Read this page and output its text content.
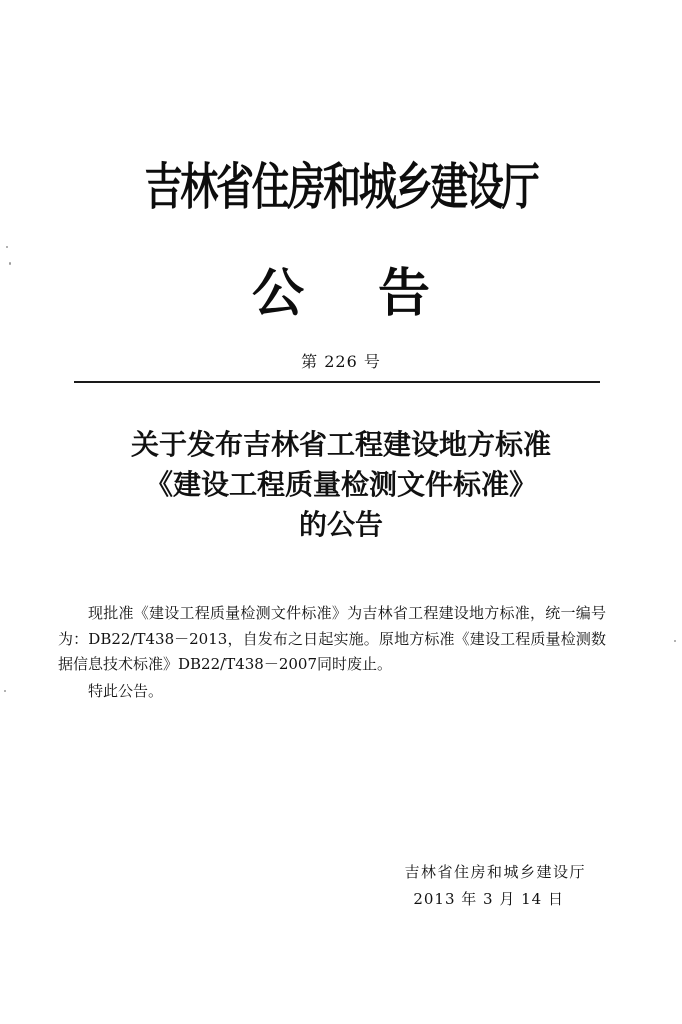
吉林省住房和城乡建设厅
公 告
第 226 号
关于发布吉林省工程建设地方标准
《建设工程质量检测文件标准》
的公告

现批准《建设工程质量检测文件标准》为吉林省工程建设地方标准，统一编号为：DB22/T438－2013，自发布之日起实施。原地方标准《建设工程质量检测数据信息技术标准》DB22/T438－2007同时废止。

特此公告。

吉林省住房和城乡建设厅
2013 年 3 月 14 日
